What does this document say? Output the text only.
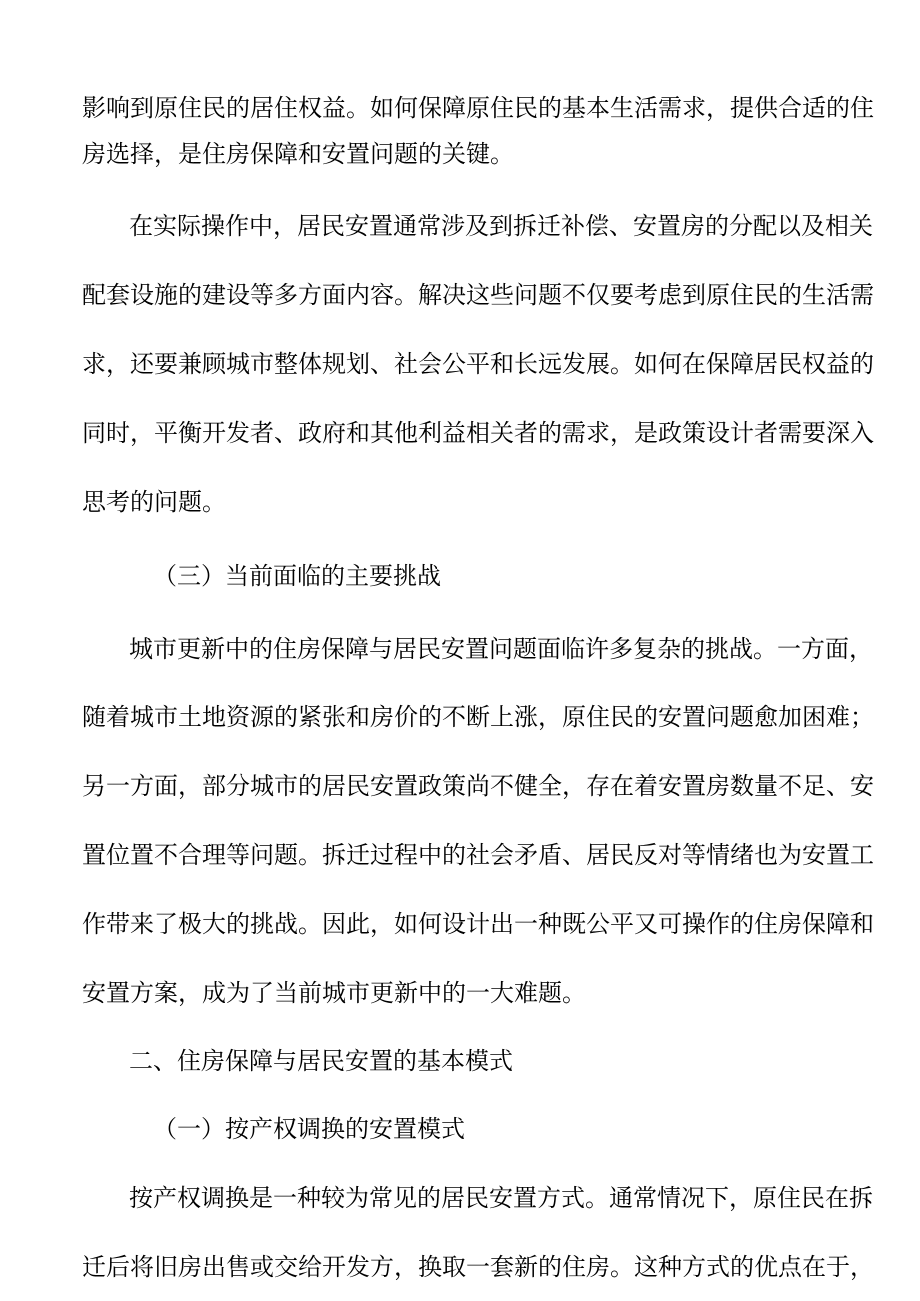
影响到原住民的居住权益。如何保障原住民的基本生活需求，提供合适的住
房选择，是住房保障和安置问题的关键。
在实际操作中，居民安置通常涉及到拆迁补偿、安置房的分配以及相关
配套设施的建设等多方面内容。解决这些问题不仅要考虑到原住民的生活需
求，还要兼顾城市整体规划、社会公平和长远发展。如何在保障居民权益的
同时，平衡开发者、政府和其他利益相关者的需求，是政策设计者需要深入
思考的问题。
（三）当前面临的主要挑战
城市更新中的住房保障与居民安置问题面临许多复杂的挑战。一方面，
随着城市土地资源的紧张和房价的不断上涨，原住民的安置问题愈加困难；
另一方面，部分城市的居民安置政策尚不健全，存在着安置房数量不足、安
置位置不合理等问题。拆迁过程中的社会矛盾、居民反对等情绪也为安置工
作带来了极大的挑战。因此，如何设计出一种既公平又可操作的住房保障和
安置方案，成为了当前城市更新中的一大难题。
二、住房保障与居民安置的基本模式
（一）按产权调换的安置模式
按产权调换是一种较为常见的居民安置方式。通常情况下，原住民在拆
迁后将旧房出售或交给开发方，换取一套新的住房。这种方式的优点在于，
